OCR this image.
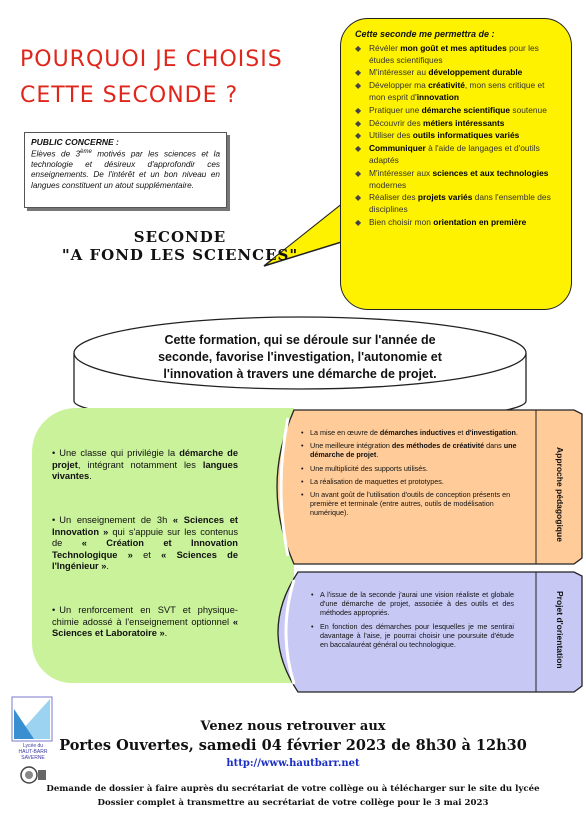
POURQUOI JE CHOISIS
CETTE SECONDE ?
PUBLIC CONCERNE :
Elèves de 3ème motivés par les sciences et la technologie et désireux d'approfondir ces enseignements. De l'intérêt et un bon niveau en langues constituent un atout supplémentaire.
Cette seconde me permettra de :
◆ Révéler mon goût et mes aptitudes pour les études scientifiques
◆ M'intéresser au développement durable
◆ Développer ma créativité, mon sens critique et mon esprit d'innovation
◆ Pratiquer une démarche scientifique soutenue
◆ Découvrir des métiers intéressants
◆ Utiliser des outils informatiques variés
◆ Communiquer à l'aide de langages et d'outils adaptés
◆ M'intéresser aux sciences et aux technologies modernes
◆ Réaliser des projets variés dans l'ensemble des disciplines
◆ Bien choisir mon orientation en première
SECONDE
"A FOND LES SCIENCES"
Cette formation, qui se déroule sur l'année de seconde, favorise l'investigation, l'autonomie et l'innovation à travers une démarche de projet.
• Une classe qui privilégie la démarche de projet, intégrant notamment les langues vivantes.
• Un enseignement de 3h « Sciences et Innovation » qui s'appuie sur les contenus de « Création et Innovation Technologique » et « Sciences de l'Ingénieur ».
• Un renforcement en SVT et physique-chimie adossé à l'enseignement optionnel « Sciences et Laboratoire ».
• La mise en œuvre de démarches inductives et d'investigation.
• Une meilleure intégration des méthodes de créativité dans une démarche de projet.
• Une multiplicité des supports utilisés.
• La réalisation de maquettes et prototypes.
• Un avant goût de l'utilisation d'outils de conception présents en première et terminale (entre autres, outils de modélisation numérique).	Approche pédagogique
• A l'issue de la seconde j'aurai une vision réaliste et globale d'une démarche de projet, associée à des outils et des méthodes appropriés.
• En fonction des démarches pour lesquelles je me sentirai davantage à l'aise, je pourrai choisir une poursuite d'étude en baccalauréat général ou technologique.	Projet d'orientation
Lycée du
HAUT-BARR
SAVERNE
Venez nous retrouver aux
Portes Ouvertes, samedi 04 février 2023 de 8h30 à 12h30
http://www.hautbarr.net
Demande de dossier à faire auprès du secrétariat de votre collège ou à télécharger sur le site du lycée
Dossier complet à transmettre au secrétariat de votre collège pour le 3 mai 2023
